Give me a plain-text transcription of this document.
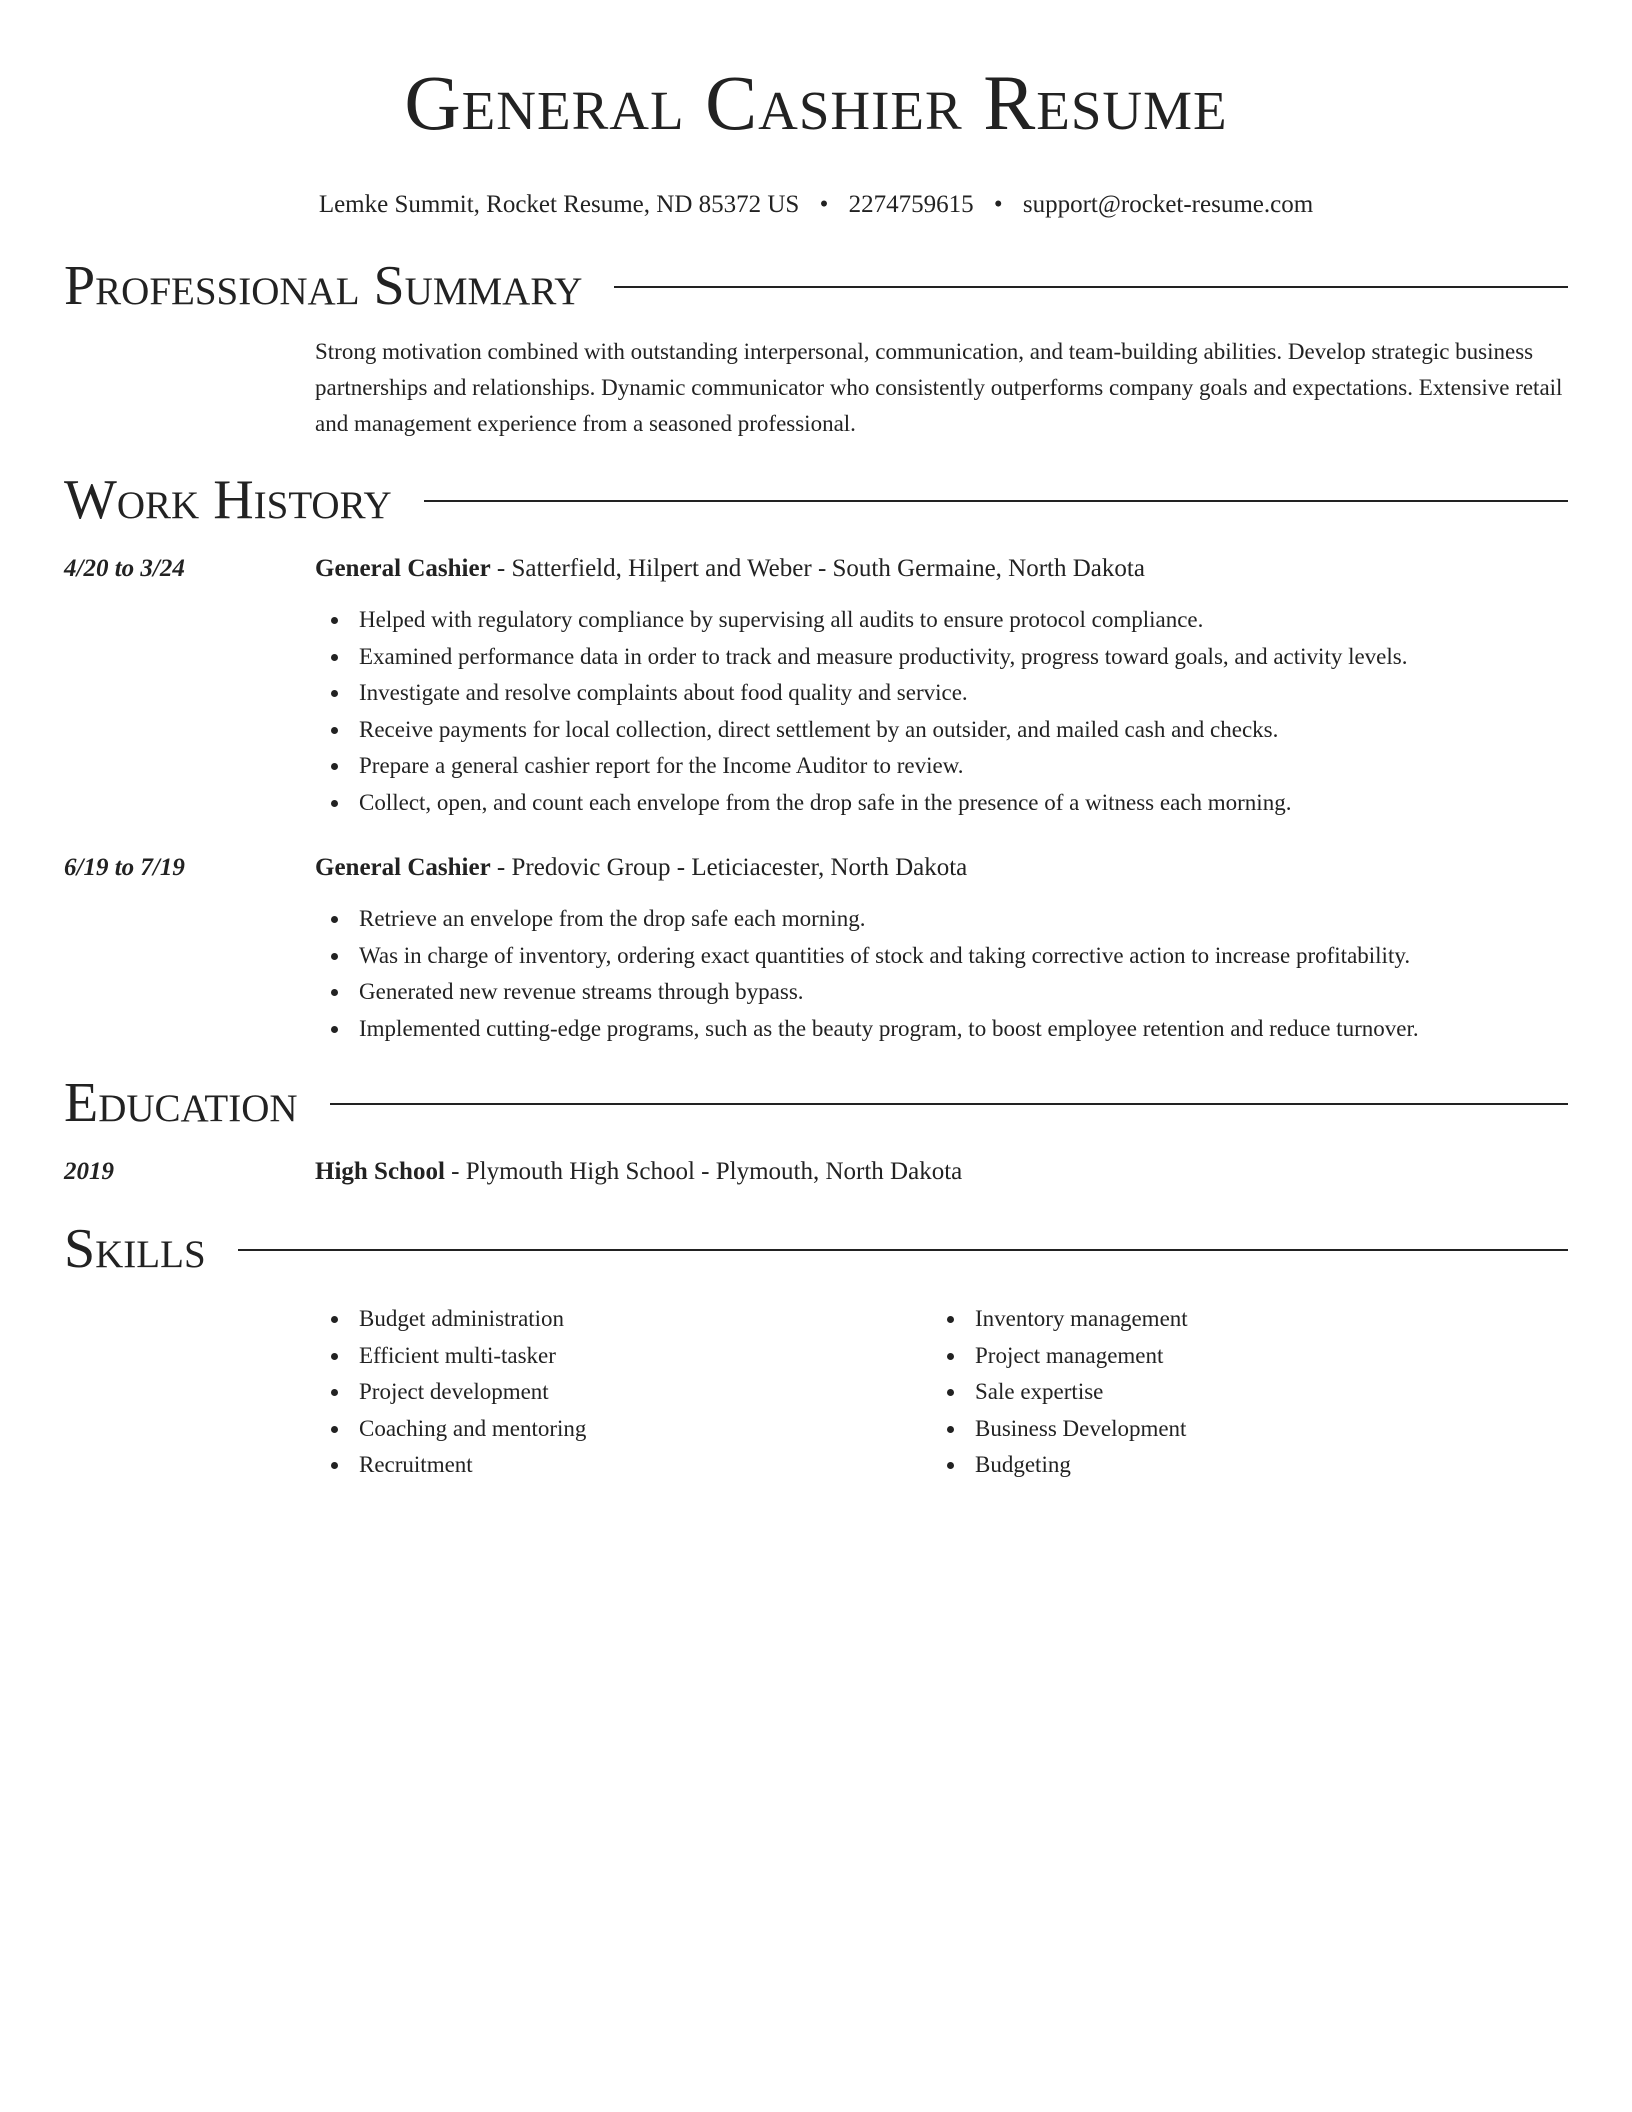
General Cashier Resume
Lemke Summit, Rocket Resume, ND 85372 US • 2274759615 • support@rocket-resume.com
Professional Summary
Strong motivation combined with outstanding interpersonal, communication, and team-building abilities. Develop strategic business partnerships and relationships. Dynamic communicator who consistently outperforms company goals and expectations. Extensive retail and management experience from a seasoned professional.
Work History
4/20 to 3/24	General Cashier - Satterfield, Hilpert and Weber - South Germaine, North Dakota
Helped with regulatory compliance by supervising all audits to ensure protocol compliance.
Examined performance data in order to track and measure productivity, progress toward goals, and activity levels.
Investigate and resolve complaints about food quality and service.
Receive payments for local collection, direct settlement by an outsider, and mailed cash and checks.
Prepare a general cashier report for the Income Auditor to review.
Collect, open, and count each envelope from the drop safe in the presence of a witness each morning.
6/19 to 7/19	General Cashier - Predovic Group - Leticiacester, North Dakota
Retrieve an envelope from the drop safe each morning.
Was in charge of inventory, ordering exact quantities of stock and taking corrective action to increase profitability.
Generated new revenue streams through bypass.
Implemented cutting-edge programs, such as the beauty program, to boost employee retention and reduce turnover.
Education
2019	High School - Plymouth High School - Plymouth, North Dakota
Skills
Budget administration
Efficient multi-tasker
Project development
Coaching and mentoring
Recruitment
Inventory management
Project management
Sale expertise
Business Development
Budgeting
